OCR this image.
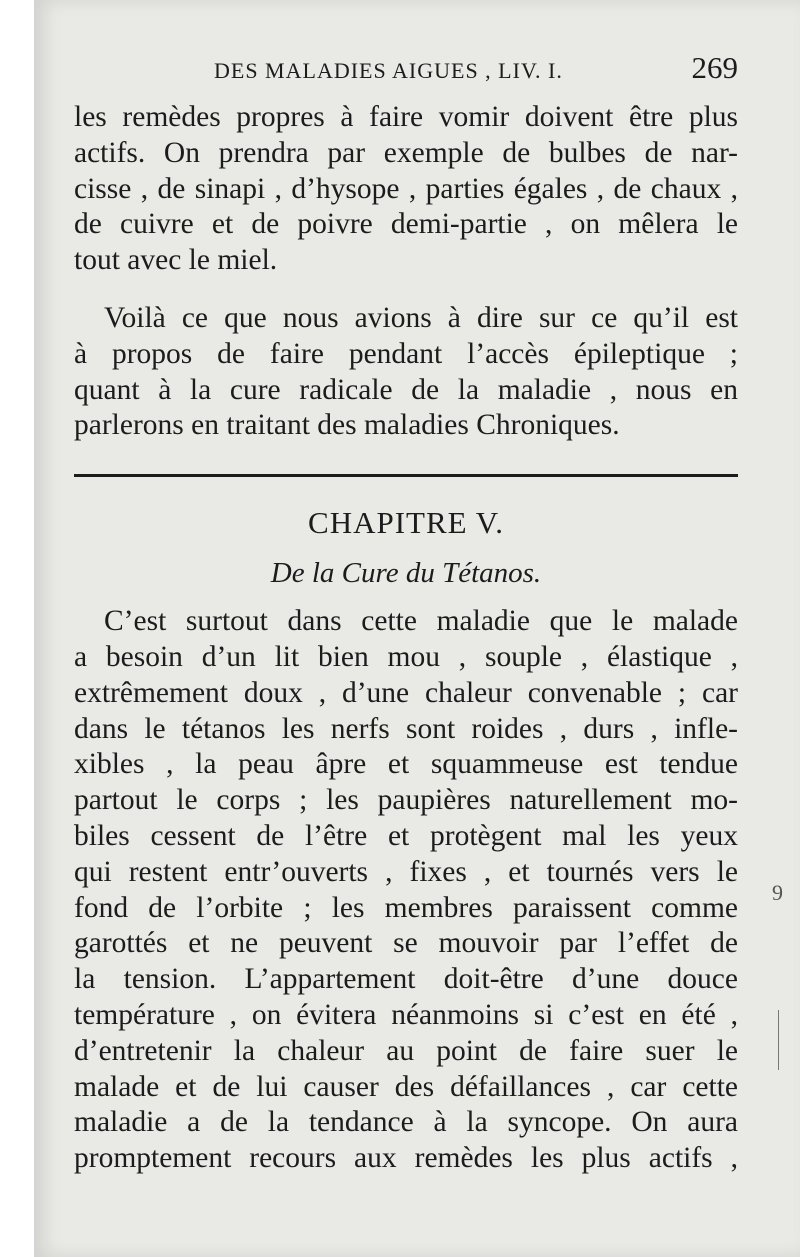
DES MALADIES AIGUES , LIV. I.	269

les remèdes propres à faire vomir doivent être plus

actifs. On prendra par exemple de bulbes de nar-

cisse , de sinapi , d’hysope , parties égales , de chaux ,

de cuivre et de poivre demi-partie , on mêlera le

tout avec le miel.

Voilà ce que nous avions à dire sur ce qu’il est

à propos de faire pendant l’accès épileptique ;

quant à la cure radicale de la maladie , nous en

parlerons en traitant des maladies Chroniques.

CHAPITRE V.
De la Cure du Tétanos.

C’est surtout dans cette maladie que le malade

a besoin d’un lit bien mou , souple , élastique ,

extrêmement doux , d’une chaleur convenable ; car

dans le tétanos les nerfs sont roides , durs , infle-

xibles , la peau âpre et squammeuse est tendue

partout le corps ; les paupières naturellement mo-

biles cessent de l’être et protègent mal les yeux

qui restent entr’ouverts , fixes , et tournés vers le

fond de l’orbite ; les membres paraissent comme

garottés et ne peuvent se mouvoir par l’effet de

la tension. L’appartement doit-être d’une douce

température , on évitera néanmoins si c’est en été ,

d’entretenir la chaleur au point de faire suer le

malade et de lui causer des défaillances , car cette

maladie a de la tendance à la syncope. On aura

promptement recours aux remèdes les plus actifs ,

9
